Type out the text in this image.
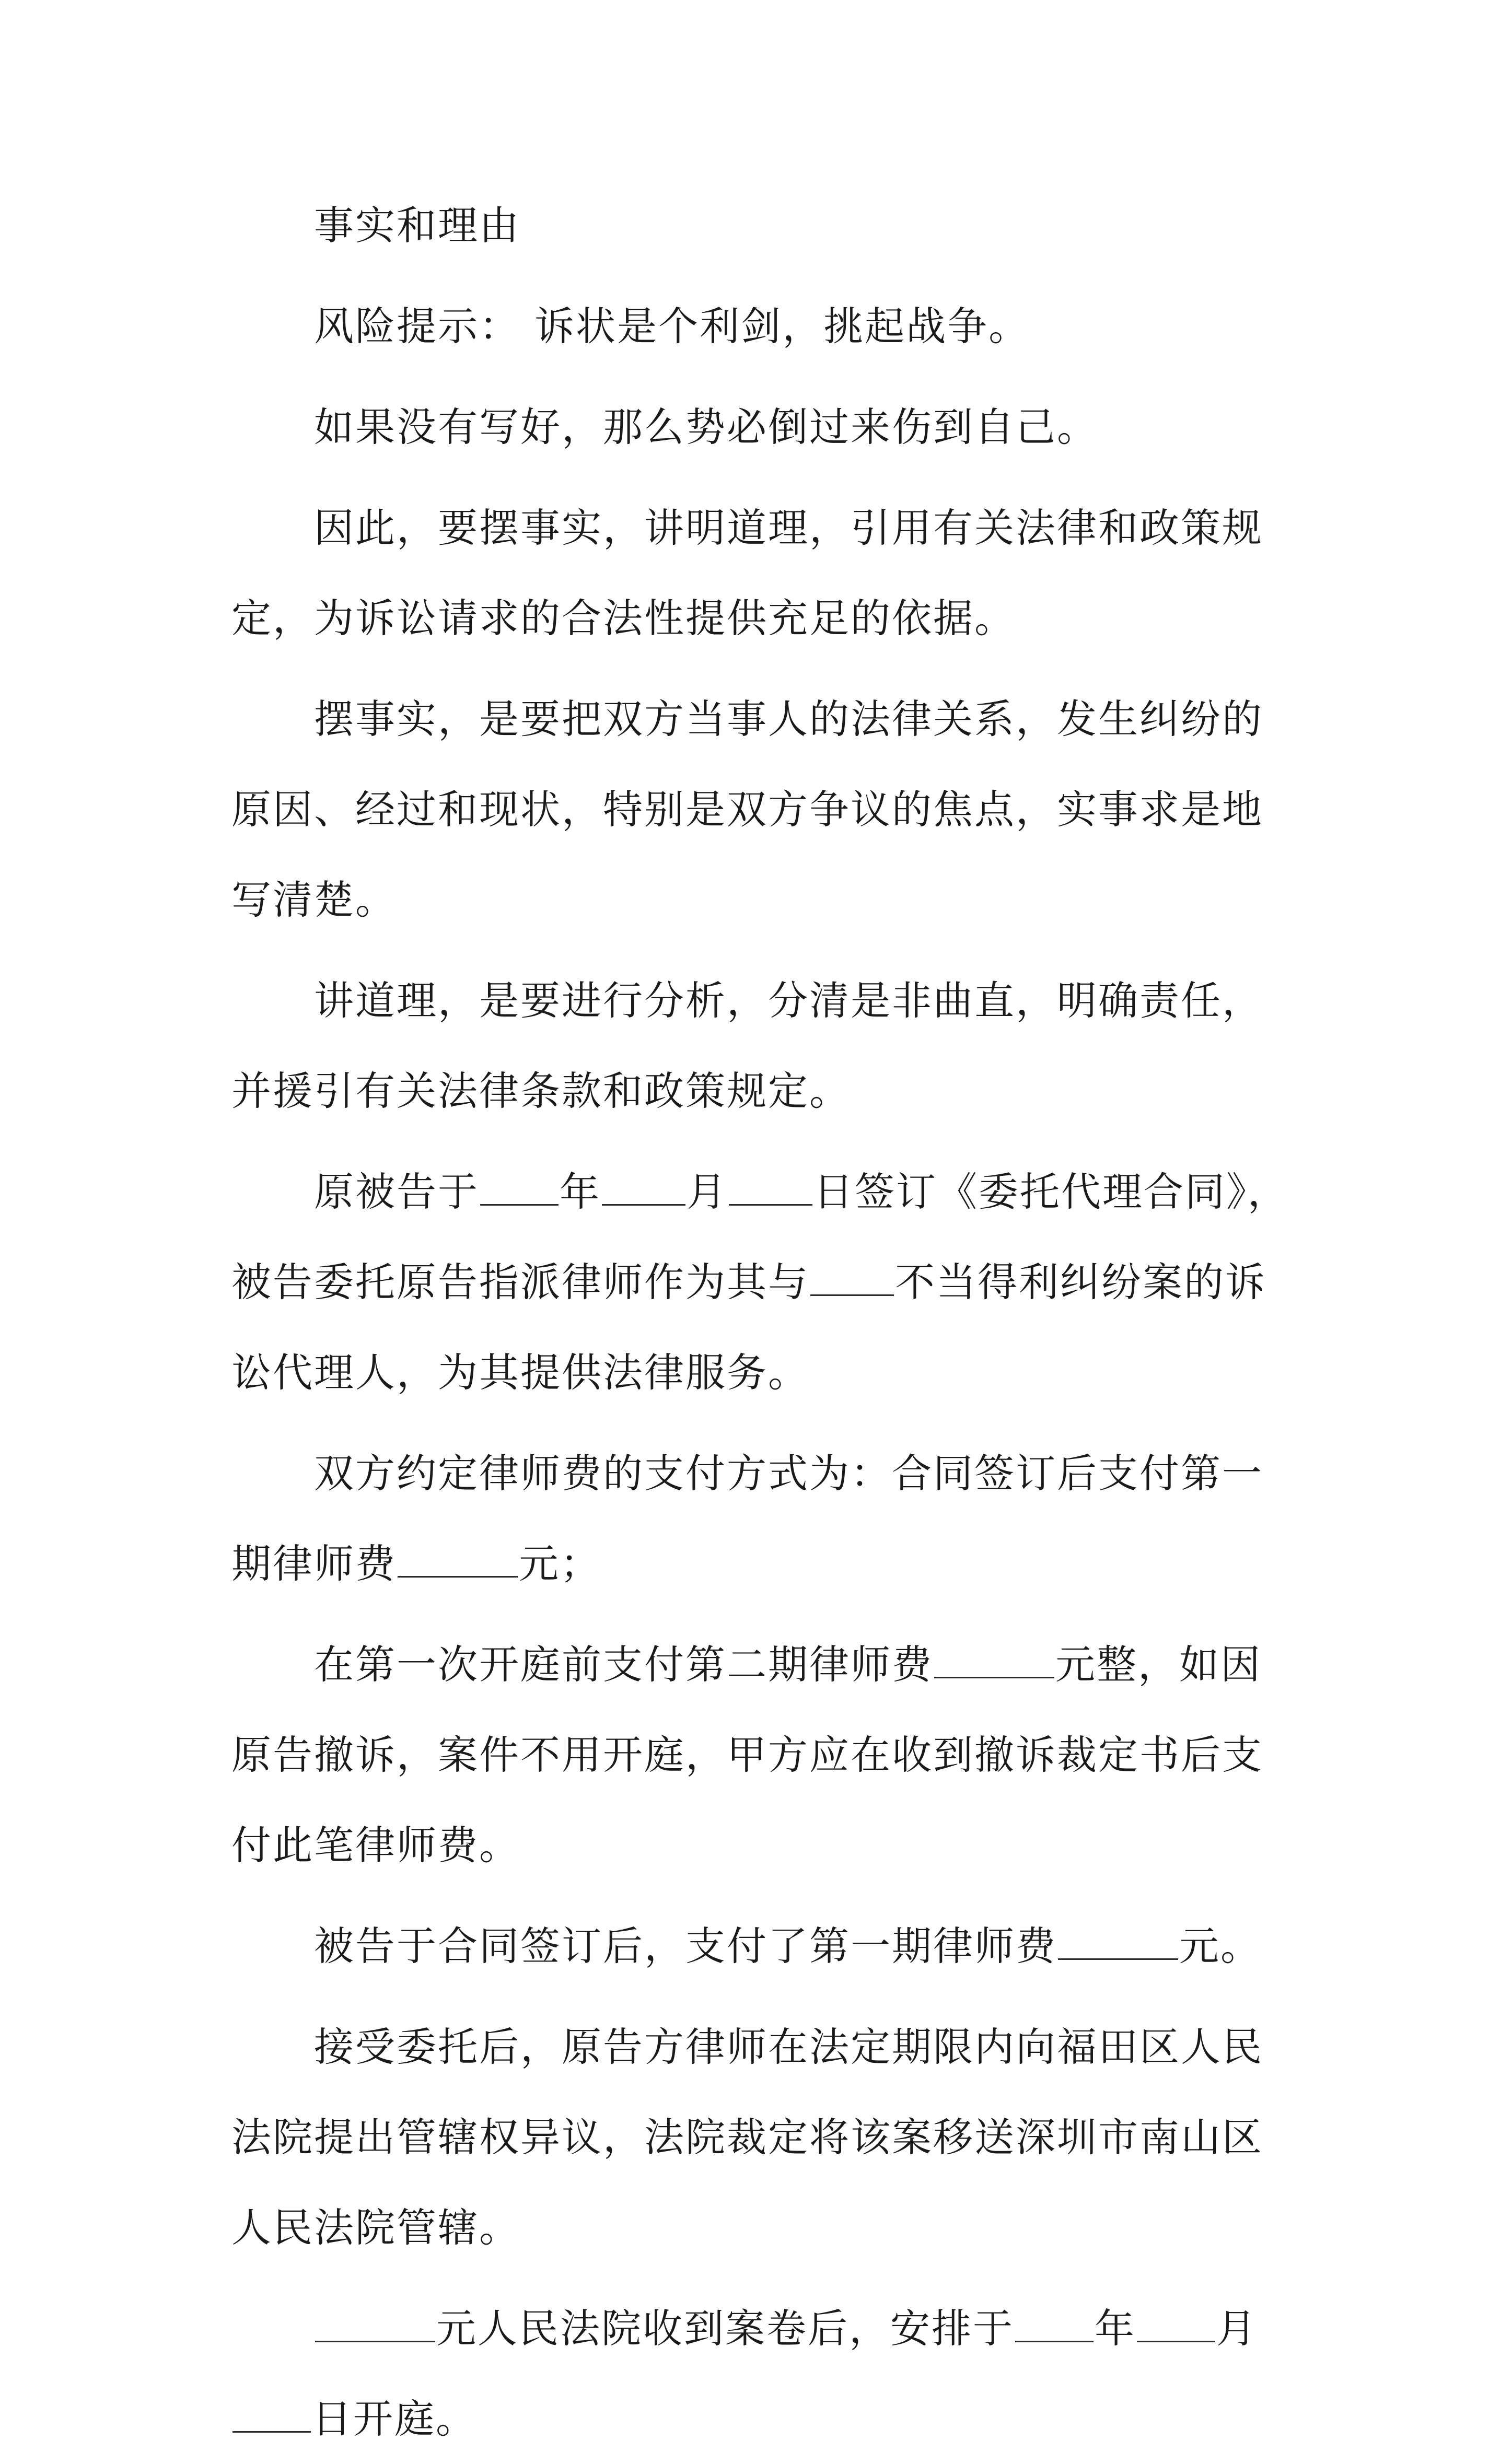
事实和理由

风险提示： 诉状是个利剑，挑起战争。

如果没有写好，那么势必倒过来伤到自己。

因此，要摆事实，讲明道理，引用有关法律和政策规定，为诉讼请求的合法性提供充足的依据。

摆事实，是要把双方当事人的法律关系，发生纠纷的原因、经过和现状，特别是双方争议的焦点，实事求是地写清楚。

讲道理，是要进行分析，分清是非曲直，明确责任，并援引有关法律条款和政策规定。

原被告于 年 月 日签订《委托代理合同》，被告委托原告指派律师作为其与 不当得利纠纷案的诉讼代理人，为其提供法律服务。

双方约定律师费的支付方式为：合同签订后支付第一期律师费	元；

在第一次开庭前支付第二期律师费	元整，如因原告撤诉，案件不用开庭，甲方应在收到撤诉裁定书后支付此笔律师费。

被告于合同签订后，支付了第一期律师费	元。

接受委托后，原告方律师在法定期限内向福田区人民法院提出管辖权异议，法院裁定将该案移送深圳市南山区人民法院管辖。

元人民法院收到案卷后，安排于 年 月日开庭。
